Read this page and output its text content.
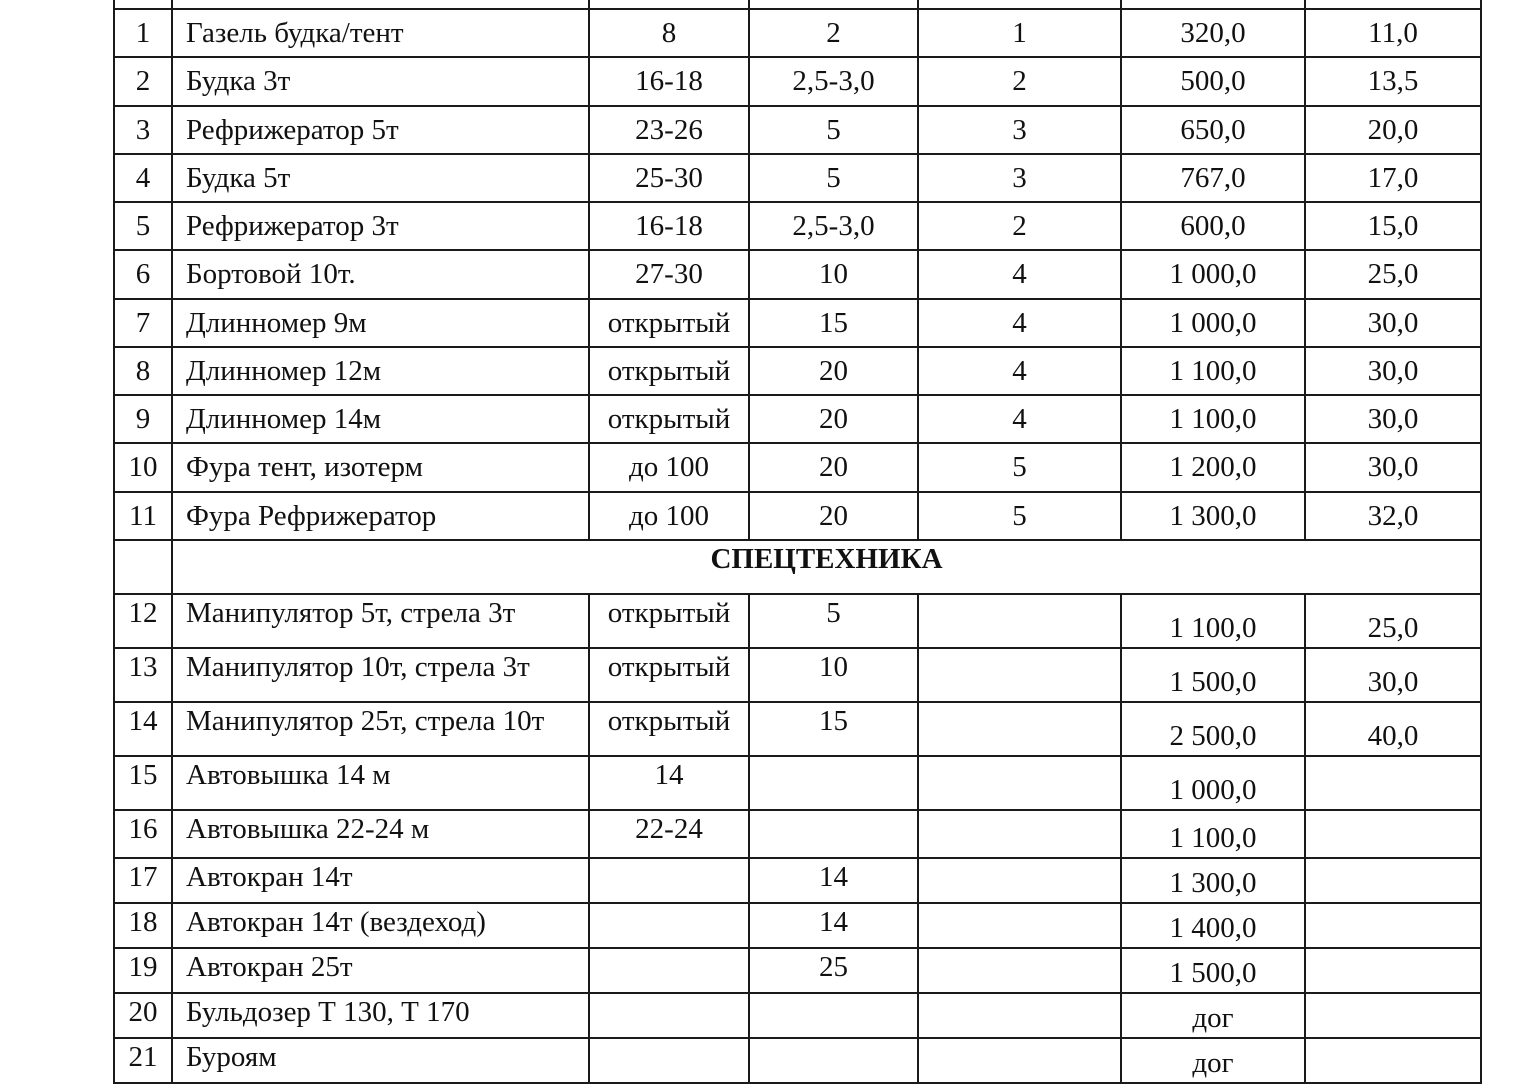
1	Газель будка/тент	8	2	1	320,0	11,0
2	Будка 3т	16-18	2,5-3,0	2	500,0	13,5
3	Рефрижератор 5т	23-26	5	3	650,0	20,0
4	Будка 5т	25-30	5	3	767,0	17,0
5	Рефрижератор 3т	16-18	2,5-3,0	2	600,0	15,0
6	Бортовой 10т.	27-30	10	4	1 000,0	25,0
7	Длинномер 9м	открытый	15	4	1 000,0	30,0
8	Длинномер 12м	открытый	20	4	1 100,0	30,0
9	Длинномер 14м	открытый	20	4	1 100,0	30,0
10	Фура тент, изотерм	до 100	20	5	1 200,0	30,0
11	Фура Рефрижератор	до 100	20	5	1 300,0	32,0
	СПЕЦТЕХНИКА					
12	Манипулятор 5т, стрела 3т	открытый	5		1 100,0	25,0
13	Манипулятор 10т, стрела 3т	открытый	10		1 500,0	30,0
14	Манипулятор 25т, стрела 10т	открытый	15		2 500,0	40,0
15	Автовышка 14 м	14			1 000,0	
16	Автовышка 22-24 м	22-24			1 100,0	
17	Автокран 14т		14		1 300,0	
18	Автокран 14т (вездеход)		14		1 400,0	
19	Автокран 25т		25		1 500,0	
20	Бульдозер Т 130, Т 170				дог	
21	Буроям				дог	
